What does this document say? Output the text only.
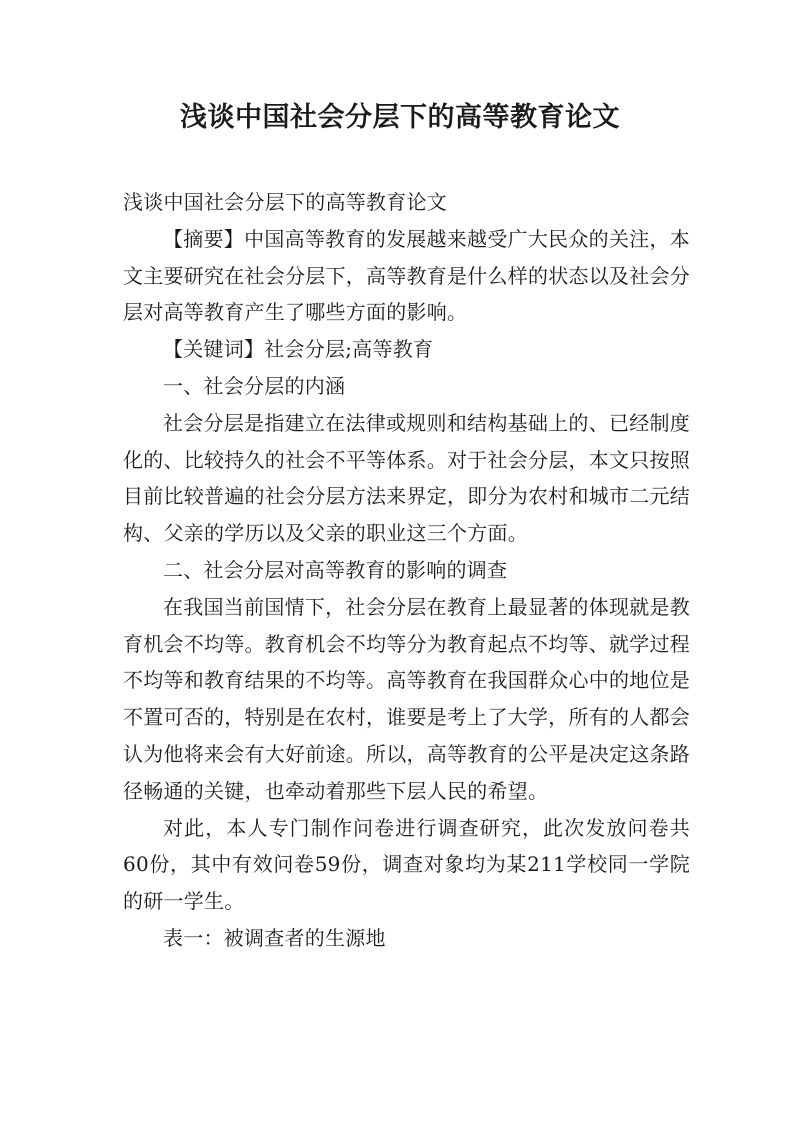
浅谈中国社会分层下的高等教育论文

浅谈中国社会分层下的高等教育论文

【摘要】中国高等教育的发展越来越受广大民众的关注，本文主要研究在社会分层下，高等教育是什么样的状态以及社会分层对高等教育产生了哪些方面的影响。

【关键词】社会分层;高等教育

一、社会分层的内涵

社会分层是指建立在法律或规则和结构基础上的、已经制度化的、比较持久的社会不平等体系。对于社会分层，本文只按照目前比较普遍的社会分层方法来界定，即分为农村和城市二元结构、父亲的学历以及父亲的职业这三个方面。

二、社会分层对高等教育的影响的调查

在我国当前国情下，社会分层在教育上最显著的体现就是教育机会不均等。教育机会不均等分为教育起点不均等、就学过程不均等和教育结果的不均等。高等教育在我国群众心中的地位是不置可否的，特别是在农村，谁要是考上了大学，所有的人都会认为他将来会有大好前途。所以，高等教育的公平是决定这条路径畅通的关键，也牵动着那些下层人民的希望。

对此，本人专门制作问卷进行调查研究，此次发放问卷共60份，其中有效问卷59份，调查对象均为某211学校同一学院的研一学生。

表一：被调查者的生源地
